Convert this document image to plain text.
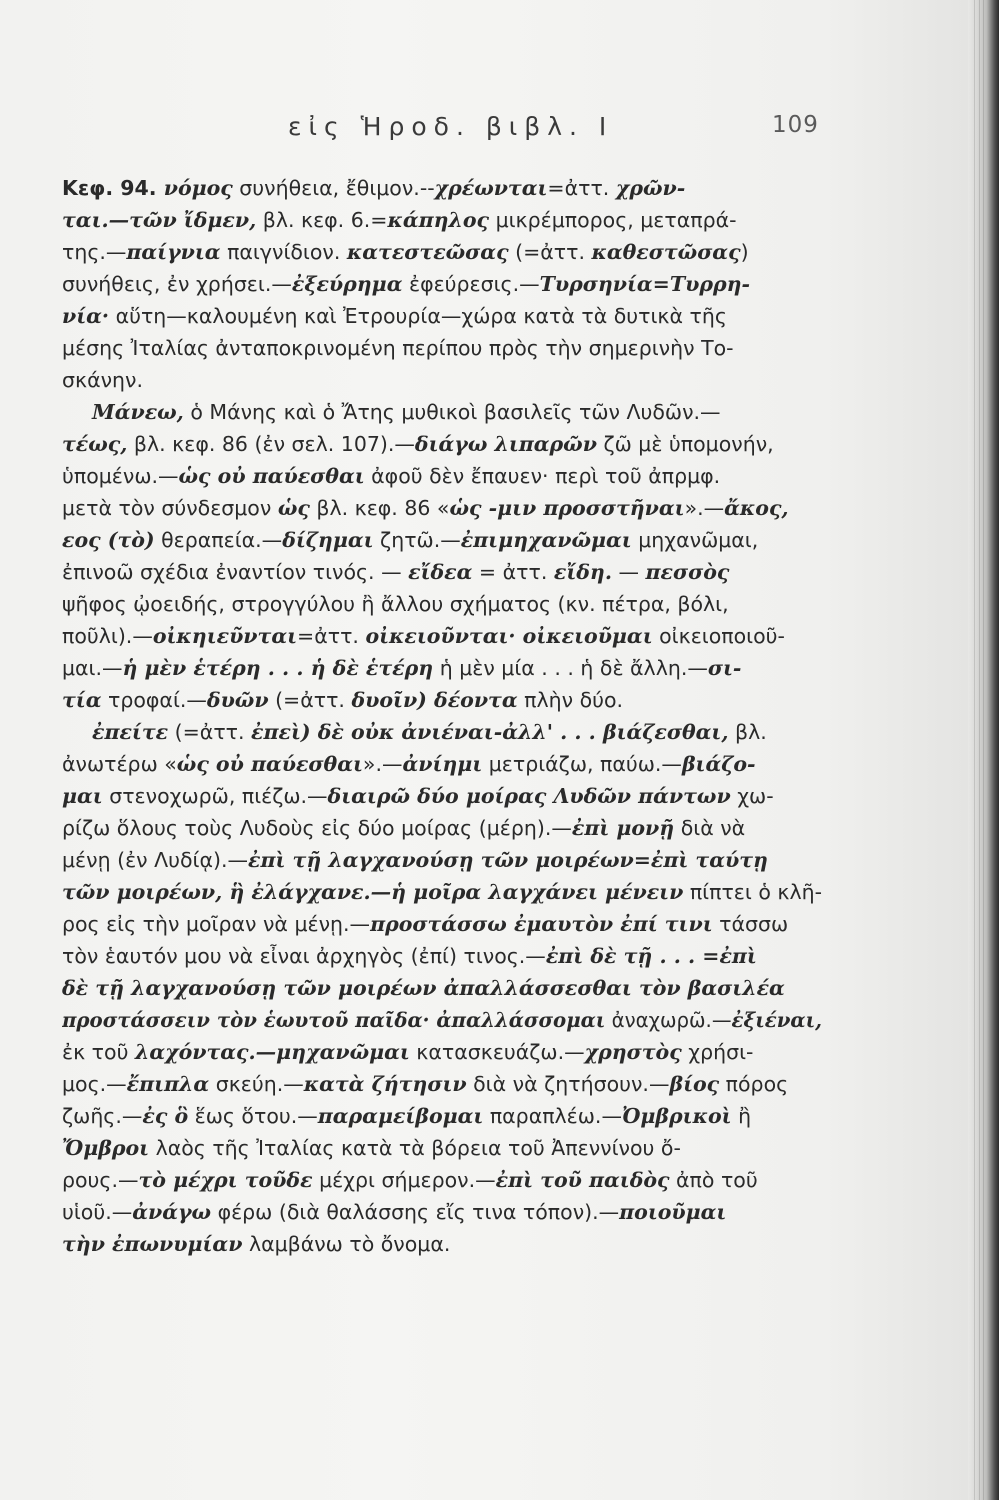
εἰς Ἡροδ. βιβλ. Ι	109
Κεφ. 94. νόμος συνήθεια, ἔθιμον.--χρέωνται=ἀττ. χρῶν-
ται.—τῶν ἴδμεν, βλ. κεφ. 6.=κάπηλος μικρέμπορος, μεταπρά-
της.—παίγνια παιγνίδιον. κατεστεῶσας (=ἀττ. καθεστῶσας)
συνήθεις, ἐν χρήσει.—ἐξεύρημα ἐφεύρεσις.—Τυρσηνία=Τυρρη-
νία· αὕτη—καλουμένη καὶ Ἐτρουρία—χώρα κατὰ τὰ δυτικὰ τῆς
μέσης Ἰταλίας ἀνταποκρινομένη περίπου πρὸς τὴν σημερινὴν Το-
σκάνην.
Μάνεω, ὁ Μάνης καὶ ὁ Ἄτης μυθικοὶ βασιλεῖς τῶν Λυδῶν.—
τέως, βλ. κεφ. 86 (ἐν σελ. 107).—διάγω λιπαρῶν ζῶ μὲ ὑπομονήν,
ὑπομένω.—ὡς οὐ παύεσθαι ἀφοῦ δὲν ἔπαυεν· περὶ τοῦ ἀπρμφ.
μετὰ τὸν σύνδεσμον ὡς βλ. κεφ. 86 «ὡς -μιν προσστῆναι».—ἄκος,
εος (τὸ) θεραπεία.—δίζημαι ζητῶ.—ἐπιμηχανῶμαι μηχανῶμαι,
ἐπινοῶ σχέδια ἐναντίον τινός. — εἴδεα = ἀττ. εἴδη. — πεσσὸς
ψῆφος ᾠοειδής, στρογγύλου ἢ ἄλλου σχήματος (κν. πέτρα, βόλι,
ποῦλι).—οἰκηιεῦνται=ἀττ. οἰκειοῦνται· οἰκειοῦμαι οἰκειοποιοῦ-
μαι.—ἡ μὲν ἑτέρη . . . ἡ δὲ ἑτέρη ἡ μὲν μία . . . ἡ δὲ ἄλλη.—σι-
τία τροφαί.—δυῶν (=ἀττ. δυοῖν) δέοντα πλὴν δύο.
ἐπείτε (=ἀττ. ἐπεὶ) δὲ οὐκ ἀνιέναι-ἀλλ' . . . βιάζεσθαι, βλ.
ἀνωτέρω «ὡς οὐ παύεσθαι».—ἀνίημι μετριάζω, παύω.—βιάζο-
μαι στενοχωρῶ, πιέζω.—διαιρῶ δύο μοίρας Λυδῶν πάντων χω-
ρίζω ὅλους τοὺς Λυδοὺς εἰς δύο μοίρας (μέρη).—ἐπὶ μονῇ διὰ νὰ
μένῃ (ἐν Λυδίᾳ).—ἐπὶ τῇ λαγχανούσῃ τῶν μοιρέων=ἐπὶ ταύτῃ
τῶν μοιρέων, ἣ ἐλάγχανε.—ἡ μοῖρα λαγχάνει μένειν πίπτει ὁ κλῆ-
ρος εἰς τὴν μοῖραν νὰ μένῃ.—προστάσσω ἐμαυτὸν ἐπί τινι τάσσω
τὸν ἑαυτόν μου νὰ εἶναι ἀρχηγὸς (ἐπί) τινος.—ἐπὶ δὲ τῇ . . . =ἐπὶ
δὲ τῇ λαγχανούσῃ τῶν μοιρέων ἀπαλλάσσεσθαι τὸν βασιλέα
προστάσσειν τὸν ἑωυτοῦ παῖδα· ἀπαλλάσσομαι ἀναχωρῶ.—ἐξιέναι,
ἐκ τοῦ λαχόντας.—μηχανῶμαι κατασκευάζω.—χρηστὸς χρήσι-
μος.—ἔπιπλα σκεύη.—κατὰ ζήτησιν διὰ νὰ ζητήσουν.—βίος πόρος
ζωῆς.—ἐς ὃ ἕως ὅτου.—παραμείβομαι παραπλέω.—Ὀμβρικοὶ ἢ
Ὄμβροι λαὸς τῆς Ἰταλίας κατὰ τὰ βόρεια τοῦ Ἀπεννίνου ὄ-
ρους.—τὸ μέχρι τοῦδε μέχρι σήμερον.—ἐπὶ τοῦ παιδὸς ἀπὸ τοῦ
υἱοῦ.—ἀνάγω φέρω (διὰ θαλάσσης εἴς τινα τόπον).—ποιοῦμαι
τὴν ἐπωνυμίαν λαμβάνω τὸ ὄνομα.
